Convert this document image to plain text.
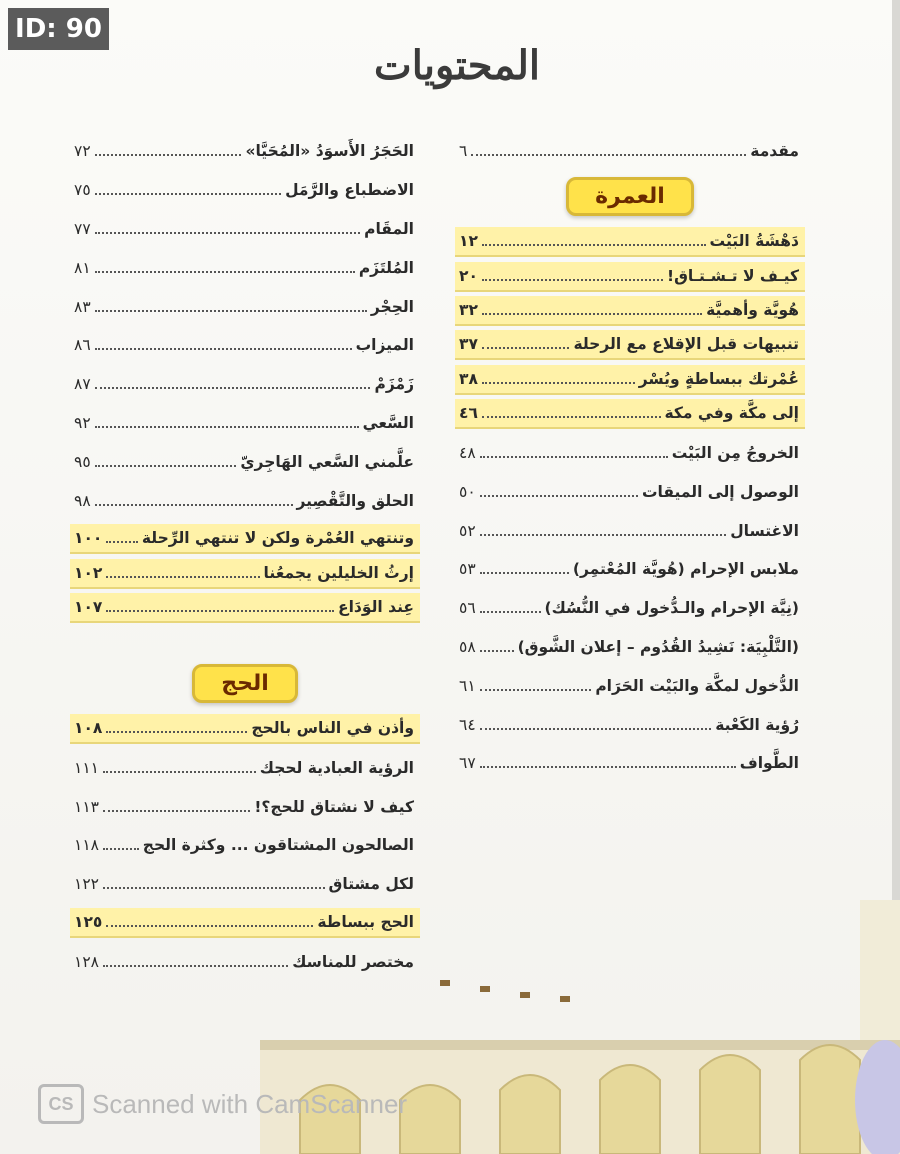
ID: 90
المحتويات
مقدمة
٦
العمرة
دَهْشَةُ البَيْت
١٢
كيـف لا تـشـتـاق!
٢٠
هُويَّة وأهميَّة
٣٢
تنبيهات قبل الإقلاع مع الرحلة
٣٧
عُمْرتك ببساطةٍ ويُسْر
٣٨
إلى مكَّة وفي مكة
٤٦
الخروجُ مِن البَيْت
٤٨
الوصول إلى الميقات
٥٠
الاغتسال
٥٢
ملابس الإحرام (هُويَّة المُعْتمِر)
٥٣
(نِيَّة الإحرام والـدُّخول في النُّسُك)
٥٦
(التَّلْبِيَة: نَشِيدُ القُدُوم – إعلان الشَّوق)
٥٨
الدُّخول لمكَّة والبَيْت الحَرَام
٦١
رُؤية الكَعْبة
٦٤
الطَّواف
٦٧
الحَجَرُ الأَسوَدُ «المُحَيَّا»
٧٢
الاضطباع والرَّمَل
٧٥
المقَام
٧٧
المُلتَزَم
٨١
الحِجْر
٨٣
الميزاب
٨٦
زَمْزَمْ
٨٧
السَّعي
٩٢
علَّمني السَّعي الهَاجِريّ
٩٥
الحلق والتَّقْصِير
٩٨
وتنتهي العُمْرة ولكن لا تنتهي الرِّحلة
١٠٠
إرثُ الخليلين يجمعُنا
١٠٢
عِند الوَدَاع
١٠٧
الحج
وأذن في الناس بالحج
١٠٨
الرؤية العبادية لحجك
١١١
كيف لا نشتاق للحج؟!
١١٣
الصالحون المشتاقون ... وكثرة الحج
١١٨
لكل مشتاق
١٢٢
الحج ببساطة
١٢٥
مختصر للمناسك
١٢٨
CS Scanned with CamScanner
